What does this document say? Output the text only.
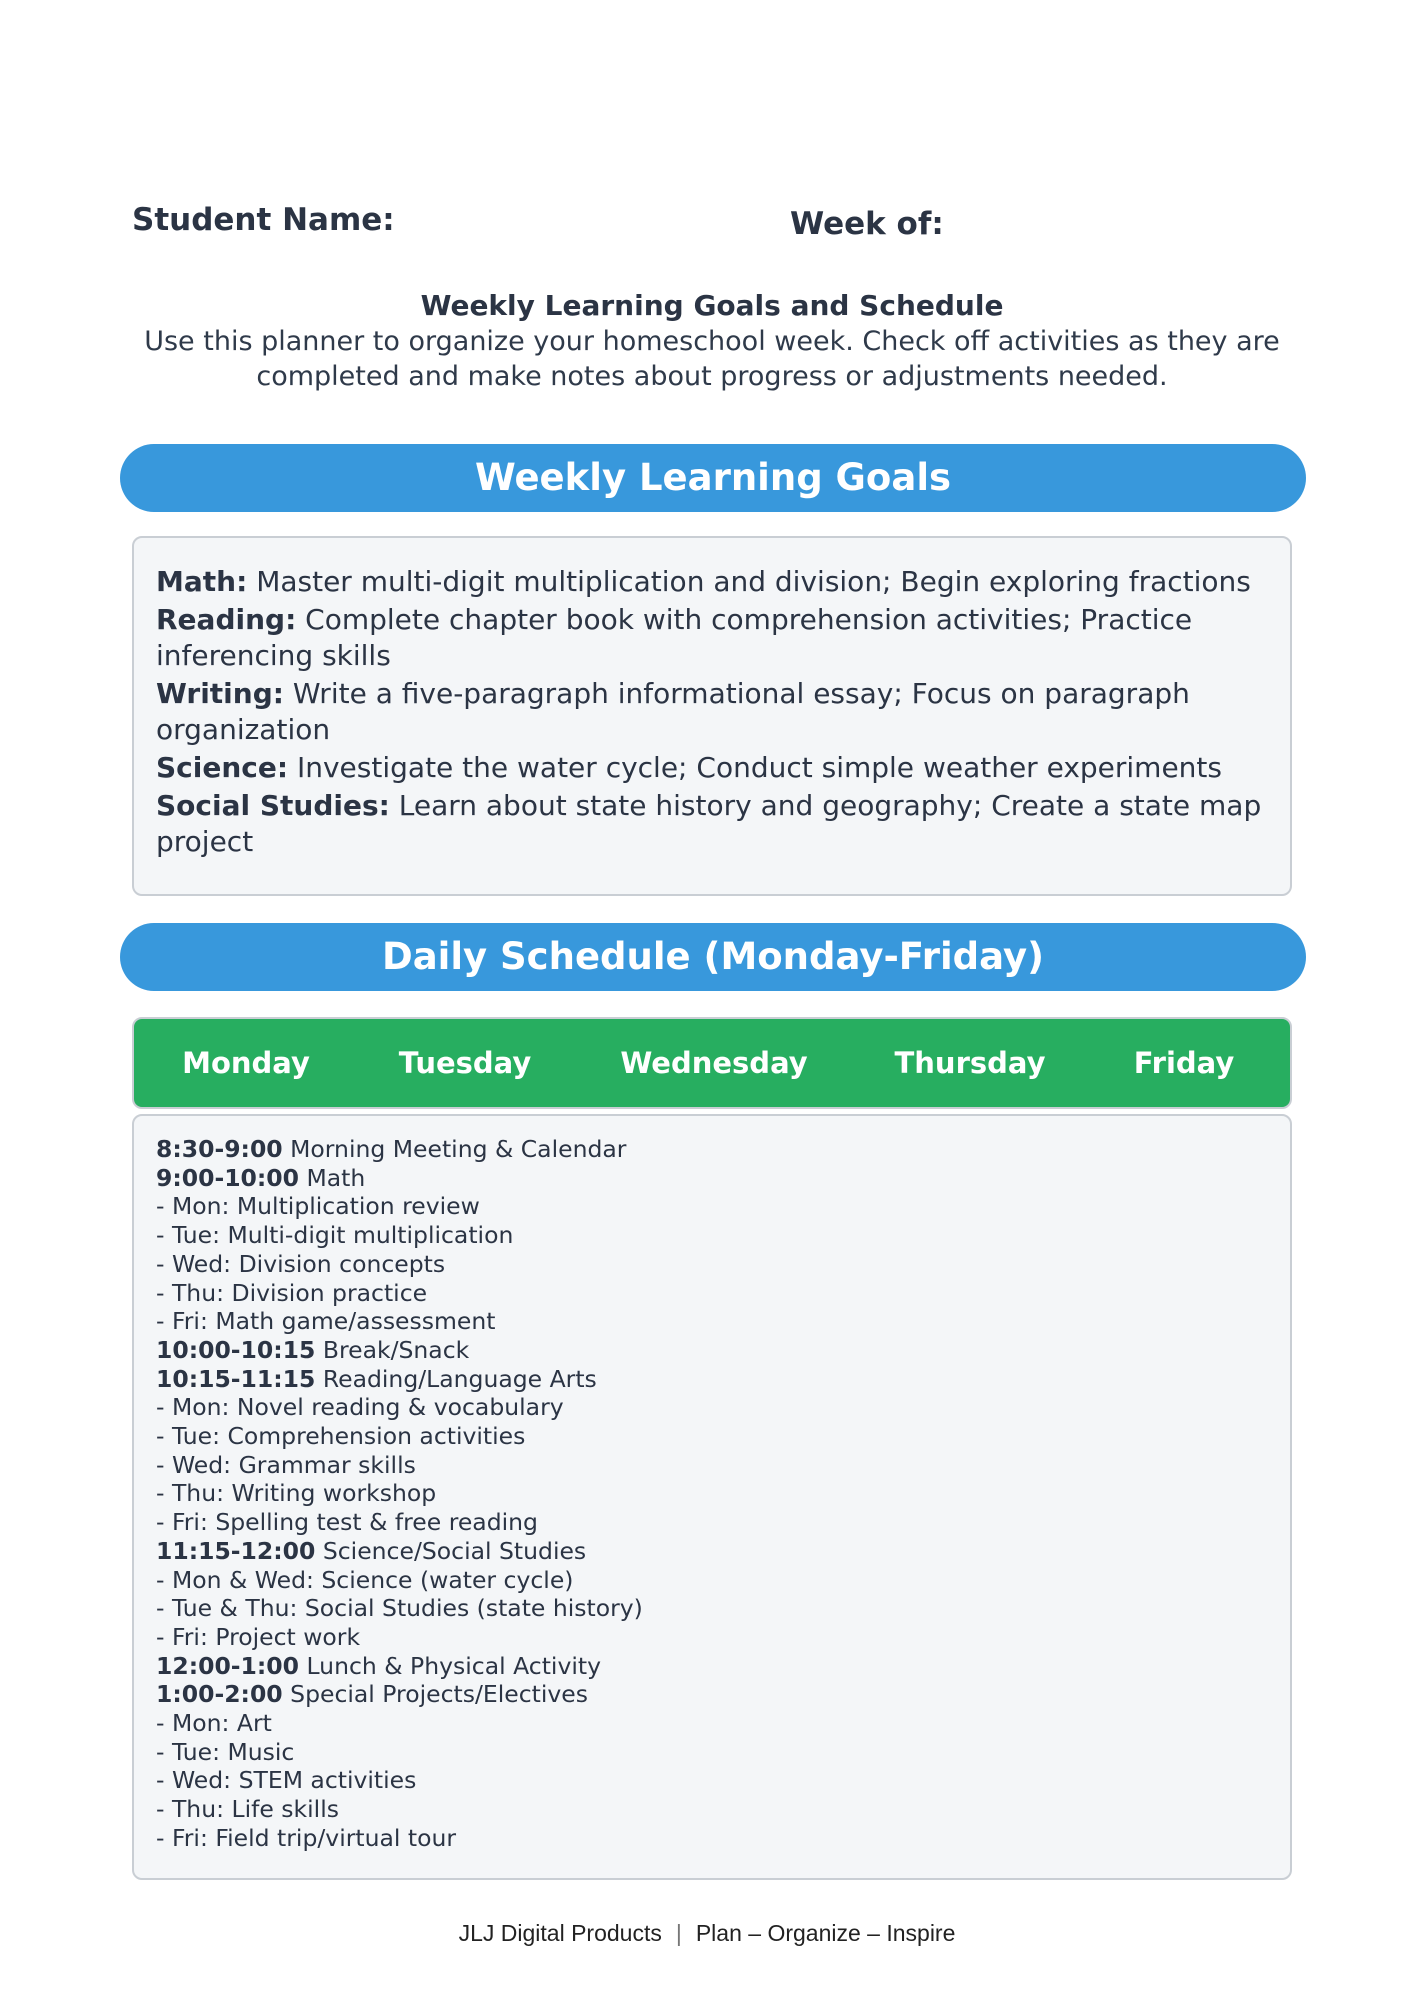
Student Name:	Week of:
Weekly Learning Goals and Schedule
Use this planner to organize your homeschool week. Check off activities as they are completed and make notes about progress or adjustments needed.
Weekly Learning Goals
Math: Master multi-digit multiplication and division; Begin exploring fractions
Reading: Complete chapter book with comprehension activities; Practice inferencing skills
Writing: Write a five-paragraph informational essay; Focus on paragraph organization
Science: Investigate the water cycle; Conduct simple weather experiments
Social Studies: Learn about state history and geography; Create a state map project
Daily Schedule (Monday-Friday)
Monday	Tuesday	Wednesday	Thursday	Friday
8:30-9:00 Morning Meeting & Calendar
9:00-10:00 Math
- Mon: Multiplication review
- Tue: Multi-digit multiplication
- Wed: Division concepts
- Thu: Division practice
- Fri: Math game/assessment
10:00-10:15 Break/Snack
10:15-11:15 Reading/Language Arts
- Mon: Novel reading & vocabulary
- Tue: Comprehension activities
- Wed: Grammar skills
- Thu: Writing workshop
- Fri: Spelling test & free reading
11:15-12:00 Science/Social Studies
- Mon & Wed: Science (water cycle)
- Tue & Thu: Social Studies (state history)
- Fri: Project work
12:00-1:00 Lunch & Physical Activity
1:00-2:00 Special Projects/Electives
- Mon: Art
- Tue: Music
- Wed: STEM activities
- Thu: Life skills
- Fri: Field trip/virtual tour
JLJ Digital Products | Plan – Organize – Inspire
